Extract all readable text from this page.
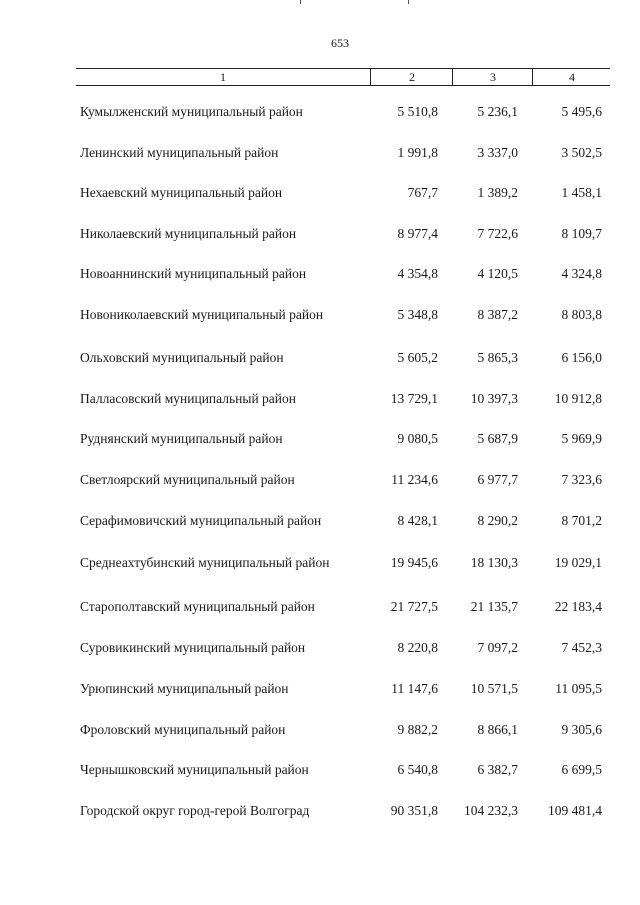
653
1	2	3	4
Кумылженский муниципальный район	5 510,8	5 236,1	5 495,6
Ленинский муниципальный район	1 991,8	3 337,0	3 502,5
Нехаевский муниципальный район	767,7	1 389,2	1 458,1
Николаевский муниципальный район	8 977,4	7 722,6	8 109,7
Новоаннинский муниципальный район	4 354,8	4 120,5	4 324,8
Новониколаевский муниципальный район	5 348,8	8 387,2	8 803,8
Ольховский муниципальный район	5 605,2	5 865,3	6 156,0
Палласовский муниципальный район	13 729,1	10 397,3	10 912,8
Руднянский муниципальный район	9 080,5	5 687,9	5 969,9
Светлоярский муниципальный район	11 234,6	6 977,7	7 323,6
Серафимовичский муниципальный район	8 428,1	8 290,2	8 701,2
Среднеахтубинский муниципальный район	19 945,6	18 130,3	19 029,1
Старополтавский муниципальный район	21 727,5	21 135,7	22 183,4
Суровикинский муниципальный район	8 220,8	7 097,2	7 452,3
Урюпинский муниципальный район	11 147,6	10 571,5	11 095,5
Фроловский муниципальный район	9 882,2	8 866,1	9 305,6
Чернышковский муниципальный район	6 540,8	6 382,7	6 699,5
Городской округ город-герой Волгоград	90 351,8	104 232,3	109 481,4
